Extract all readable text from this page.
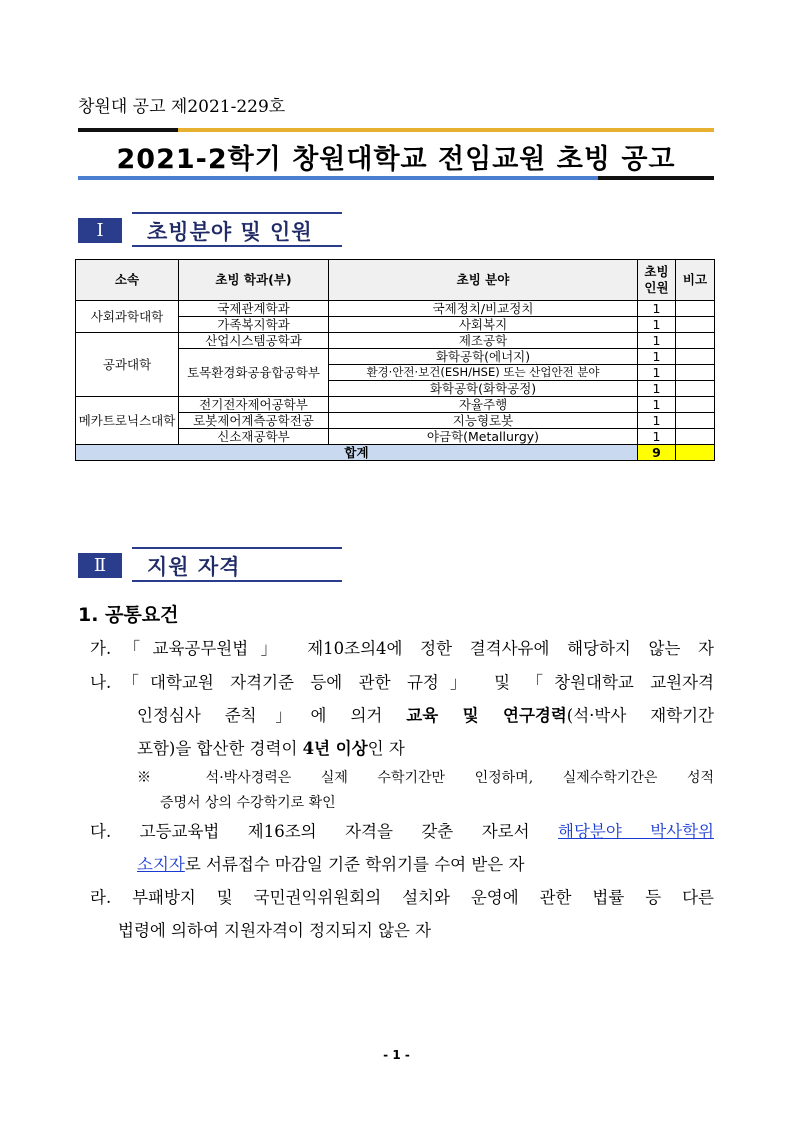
창원대 공고 제2021-229호
2021-2학기 창원대학교 전임교원 초빙 공고
Ⅰ	초빙분야 및 인원
소속	초빙 학과(부)	초빙 분야	초빙 인원	비고
사회과학대학	국제관계학과	국제정치/비교정치	1	
	가족복지학과	사회복지	1	
공과대학	산업시스템공학과	제조공학	1	
	토목환경화공융합공학부	화학공학(에너지)	1	
		환경·안전·보건(ESH/HSE) 또는 산업안전 분야	1	
		화학공학(화학공정)	1	
메카트로닉스대학	전기전자제어공학부	자율주행	1	
	로봇제어계측공학전공	지능형로봇	1	
	신소재공학부	야금학(Metallurgy)	1	
합계			9	
Ⅱ	지원 자격
1. 공통요건
가.「교육공무원법」 제10조의4에 정한 결격사유에 해당하지 않는 자
나.「대학교원 자격기준 등에 관한 규정」 및 「창원대학교 교원자격
인정심사 준칙」에 의거 교육 및 연구경력(석·박사 재학기간
포함)을 합산한 경력이 4년 이상인 자
※ 석·박사경력은 실제 수학기간만 인정하며, 실제수학기간은 성적
증명서 상의 수강학기로 확인
다. 고등교육법 제16조의 자격을 갖춘 자로서 해당분야 박사학위
소지자로 서류접수 마감일 기준 학위기를 수여 받은 자
라. 부패방지 및 국민권익위원회의 설치와 운영에 관한 법률 등 다른
법령에 의하여 지원자격이 정지되지 않은 자
- 1 -
